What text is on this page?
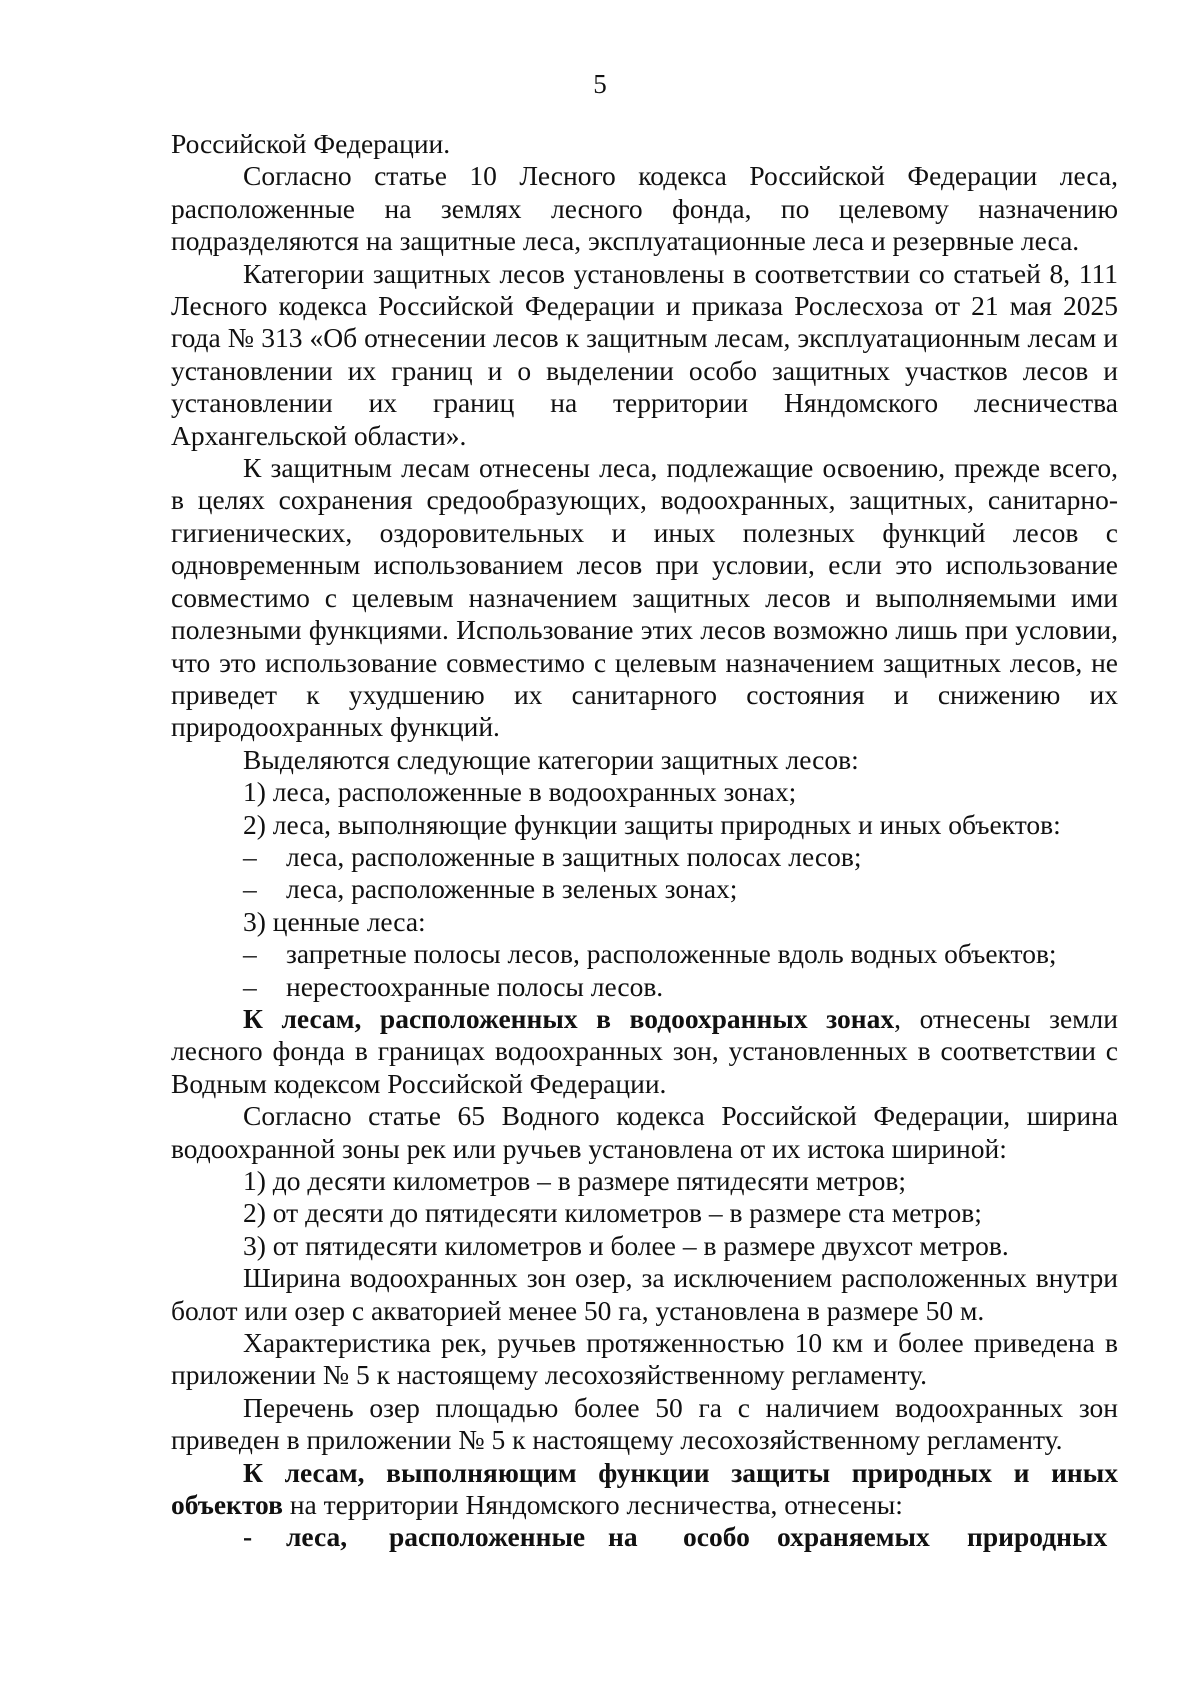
5

Российской Федерации.

Согласно статье 10 Лесного кодекса Российской Федерации леса, расположенные на землях лесного фонда, по целевому назначению подразделяются на защитные леса, эксплуатационные леса и резервные леса.

Категории защитных лесов установлены в соответствии со статьей 8, 111 Лесного кодекса Российской Федерации и приказа Рослесхоза от 21 мая 2025 года № 313 «Об отнесении лесов к защитным лесам, эксплуатационным лесам и установлении их границ и о выделении особо защитных участков лесов и установлении их границ на территории Няндомского лесничества Архангельской области».

К защитным лесам отнесены леса, подлежащие освоению, прежде всего, в целях сохранения средообразующих, водоохранных, защитных, санитарно-гигиенических, оздоровительных и иных полезных функций лесов с одновременным использованием лесов при условии, если это использование совместимо с целевым назначением защитных лесов и выполняемыми ими полезными функциями. Использование этих лесов возможно лишь при условии, что это использование совместимо с целевым назначением защитных лесов, не приведет к ухудшению их санитарного состояния и снижению их природоохранных функций.

Выделяются следующие категории защитных лесов:

1) леса, расположенные в водоохранных зонах;

2) леса, выполняющие функции защиты природных и иных объектов:

– леса, расположенные в защитных полосах лесов;

– леса, расположенные в зеленых зонах;

3) ценные леса:

– запретные полосы лесов, расположенные вдоль водных объектов;

– нерестоохранные полосы лесов.

К лесам, расположенных в водоохранных зонах, отнесены земли лесного фонда в границах водоохранных зон, установленных в соответствии с Водным кодексом Российской Федерации.

Согласно статье 65 Водного кодекса Российской Федерации, ширина водоохранной зоны рек или ручьев установлена от их истока шириной:

1) до десяти километров – в размере пятидесяти метров;

2) от десяти до пятидесяти километров – в размере ста метров;

3) от пятидесяти километров и более – в размере двухсот метров.

Ширина водоохранных зон озер, за исключением расположенных внутри болот или озер с акваторией менее 50 га, установлена в размере 50 м.

Характеристика рек, ручьев протяженностью 10 км и более приведена в приложении № 5 к настоящему лесохозяйственному регламенту.

Перечень озер площадью более 50 га с наличием водоохранных зон приведен в приложении № 5 к настоящему лесохозяйственному регламенту.

К лесам, выполняющим функции защиты природных и иных объектов на территории Няндомского лесничества, отнесены:

- леса, расположенные на особо охраняемых природных
